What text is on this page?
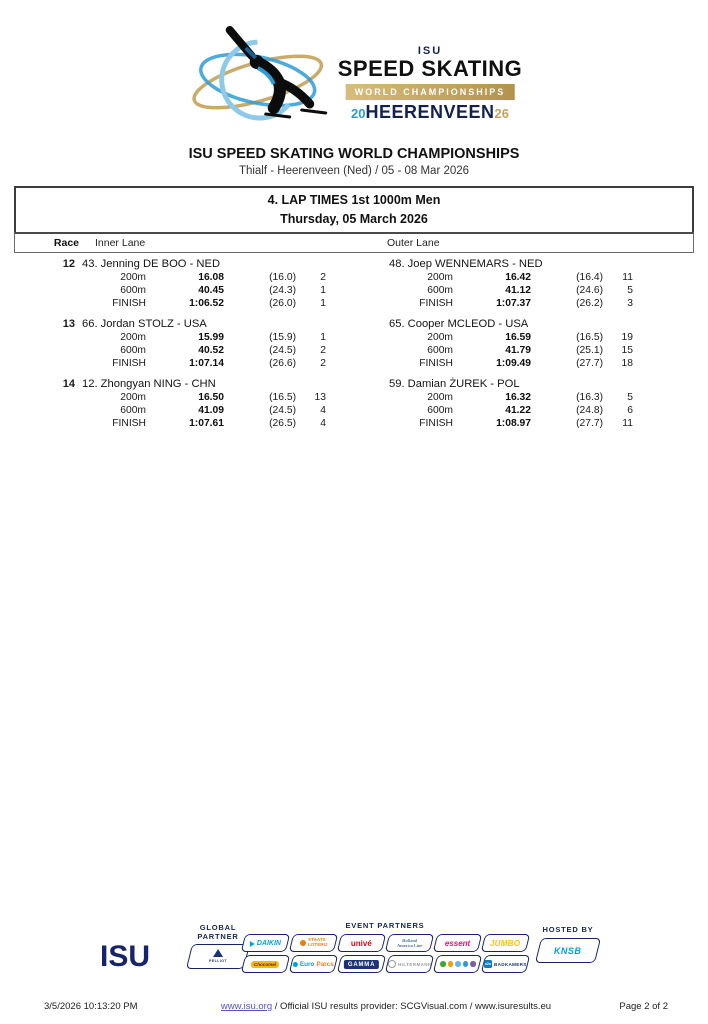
ISU
SPEED SKATING
WORLD CHAMPIONSHIPS
20 HEERENVEEN 26
ISU SPEED SKATING WORLD CHAMPIONSHIPS
Thialf - Heerenveen (Ned) / 05 - 08 Mar 2026
4. LAP TIMES 1st 1000m Men
Thursday, 05 March 2026
Race	Inner Lane	Outer Lane
12 43. Jenning DE BOO - NED
200m	16.08	(16.0)	2
600m	40.45	(24.3)	1
FINISH	1:06.52	(26.0)	1
48. Joep WENNEMARS - NED
200m	16.42	(16.4)	11
600m	41.12	(24.6)	5
FINISH	1:07.37	(26.2)	3
13 66. Jordan STOLZ - USA
200m	15.99	(15.9)	1
600m	40.52	(24.5)	2
FINISH	1:07.14	(26.6)	2
65. Cooper MCLEOD - USA
200m	16.59	(16.5)	19
600m	41.79	(25.1)	15
FINISH	1:09.49	(27.7)	18
14 12. Zhongyan NING - CHN
200m	16.50	(16.5)	13
600m	41.09	(24.5)	4
FINISH	1:07.61	(26.5)	4
59. Damian ŻUREK - POL
200m	16.32	(16.3)	5
600m	41.22	(24.8)	6
FINISH	1:08.97	(27.7)	11
ISU
GLOBAL
PARTNER
PELLIOT
EVENT PARTNERS
DAIKIN	STAATS
LOTERIJ	univé	Holland
America Line	essent	JUMBO
Chocomel	Euro Parcs	GAMMA	HILTERMANN	x2o BADKAMERS
HOSTED BY
KNSB
3/5/2026 10:13:20 PM	www.isu.org / Official ISU results provider: SCGVisual.com / www.isuresults.eu	Page 2 of 2
